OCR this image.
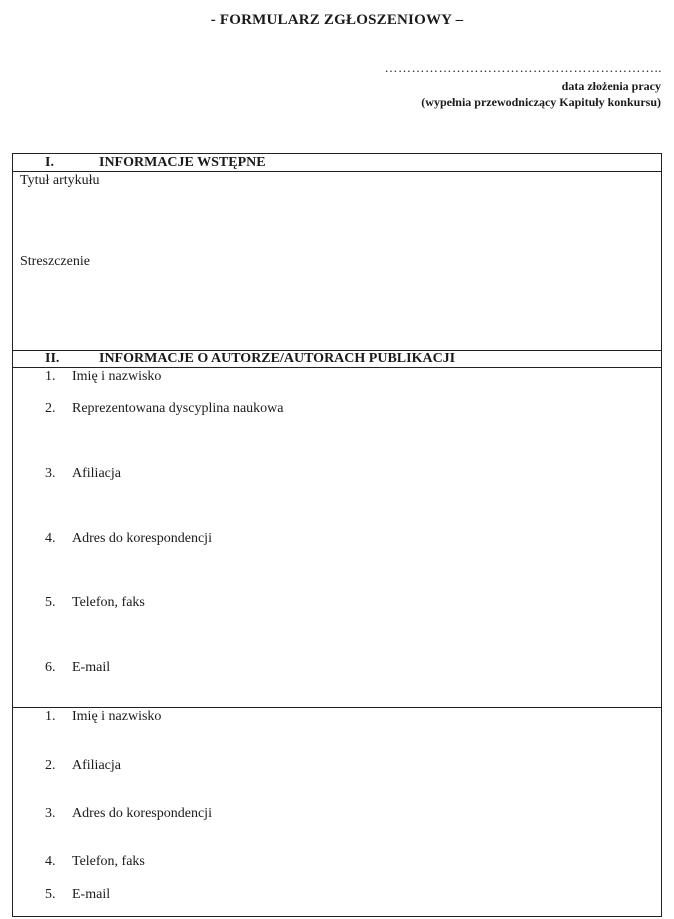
- FORMULARZ ZGŁOSZENIOWY –
……………………………………………………..
data złożenia pracy
(wypełnia przewodniczący Kapituły konkursu)
I.	INFORMACJE WSTĘPNE
Tytuł artykułu
Streszczenie
II.	INFORMACJE O AUTORZE/AUTORACH PUBLIKACJI
1. Imię i nazwisko
2. Reprezentowana dyscyplina naukowa
3. Afiliacja
4. Adres do korespondencji
5. Telefon, faks
6. E-mail
1. Imię i nazwisko
2. Afiliacja
3. Adres do korespondencji
4. Telefon, faks
5. E-mail
